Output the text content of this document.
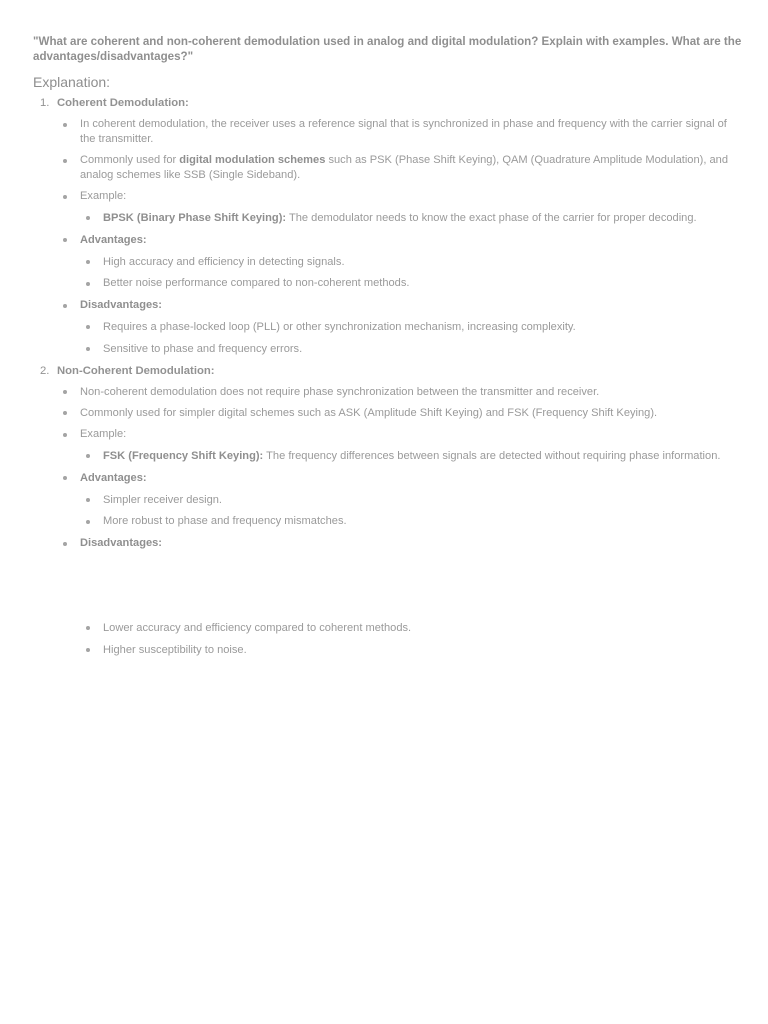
"What are coherent and non-coherent demodulation used in analog and digital modulation? Explain with examples. What are the advantages/disadvantages?"

Explanation:
1. Coherent Demodulation:
In coherent demodulation, the receiver uses a reference signal that is synchronized in phase and frequency with the carrier signal of the transmitter.
Commonly used for digital modulation schemes such as PSK (Phase Shift Keying), QAM (Quadrature Amplitude Modulation), and analog schemes like SSB (Single Sideband).
Example:
BPSK (Binary Phase Shift Keying): The demodulator needs to know the exact phase of the carrier for proper decoding.
Advantages:
High accuracy and efficiency in detecting signals.
Better noise performance compared to non-coherent methods.
Disadvantages:
Requires a phase-locked loop (PLL) or other synchronization mechanism, increasing complexity.
Sensitive to phase and frequency errors.
2. Non-Coherent Demodulation:
Non-coherent demodulation does not require phase synchronization between the transmitter and receiver.
Commonly used for simpler digital schemes such as ASK (Amplitude Shift Keying) and FSK (Frequency Shift Keying).
Example:
FSK (Frequency Shift Keying): The frequency differences between signals are detected without requiring phase information.
Advantages:
Simpler receiver design.
More robust to phase and frequency mismatches.
Disadvantages:
Lower accuracy and efficiency compared to coherent methods.
Higher susceptibility to noise.
